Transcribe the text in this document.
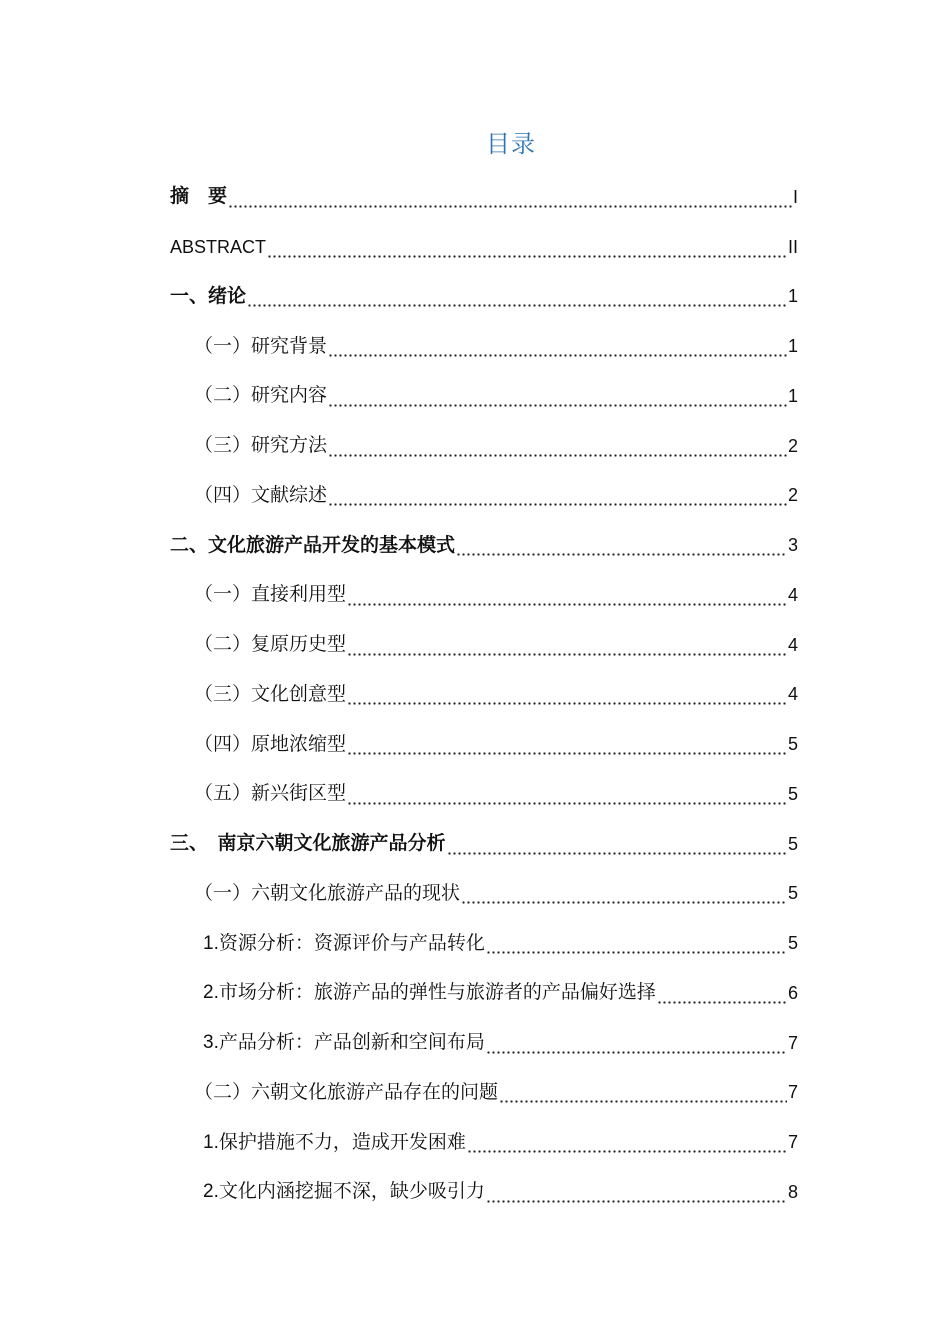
目录
摘　要	I
ABSTRACT	II
一、绪论	1
（一）研究背景	1
（二）研究内容	1
（三）研究方法	2
（四）文献综述	2
二、文化旅游产品开发的基本模式	3
（一）直接利用型	4
（二）复原历史型	4
（三）文化创意型	4
（四）原地浓缩型	5
（五）新兴街区型	5
三、　南京六朝文化旅游产品分析	5
（一）六朝文化旅游产品的现状	5
1.资源分析：资源评价与产品转化	5
2.市场分析：旅游产品的弹性与旅游者的产品偏好选择	6
3.产品分析：产品创新和空间布局	7
（二）六朝文化旅游产品存在的问题	7
1.保护措施不力，造成开发困难	7
2.文化内涵挖掘不深，缺少吸引力	8
